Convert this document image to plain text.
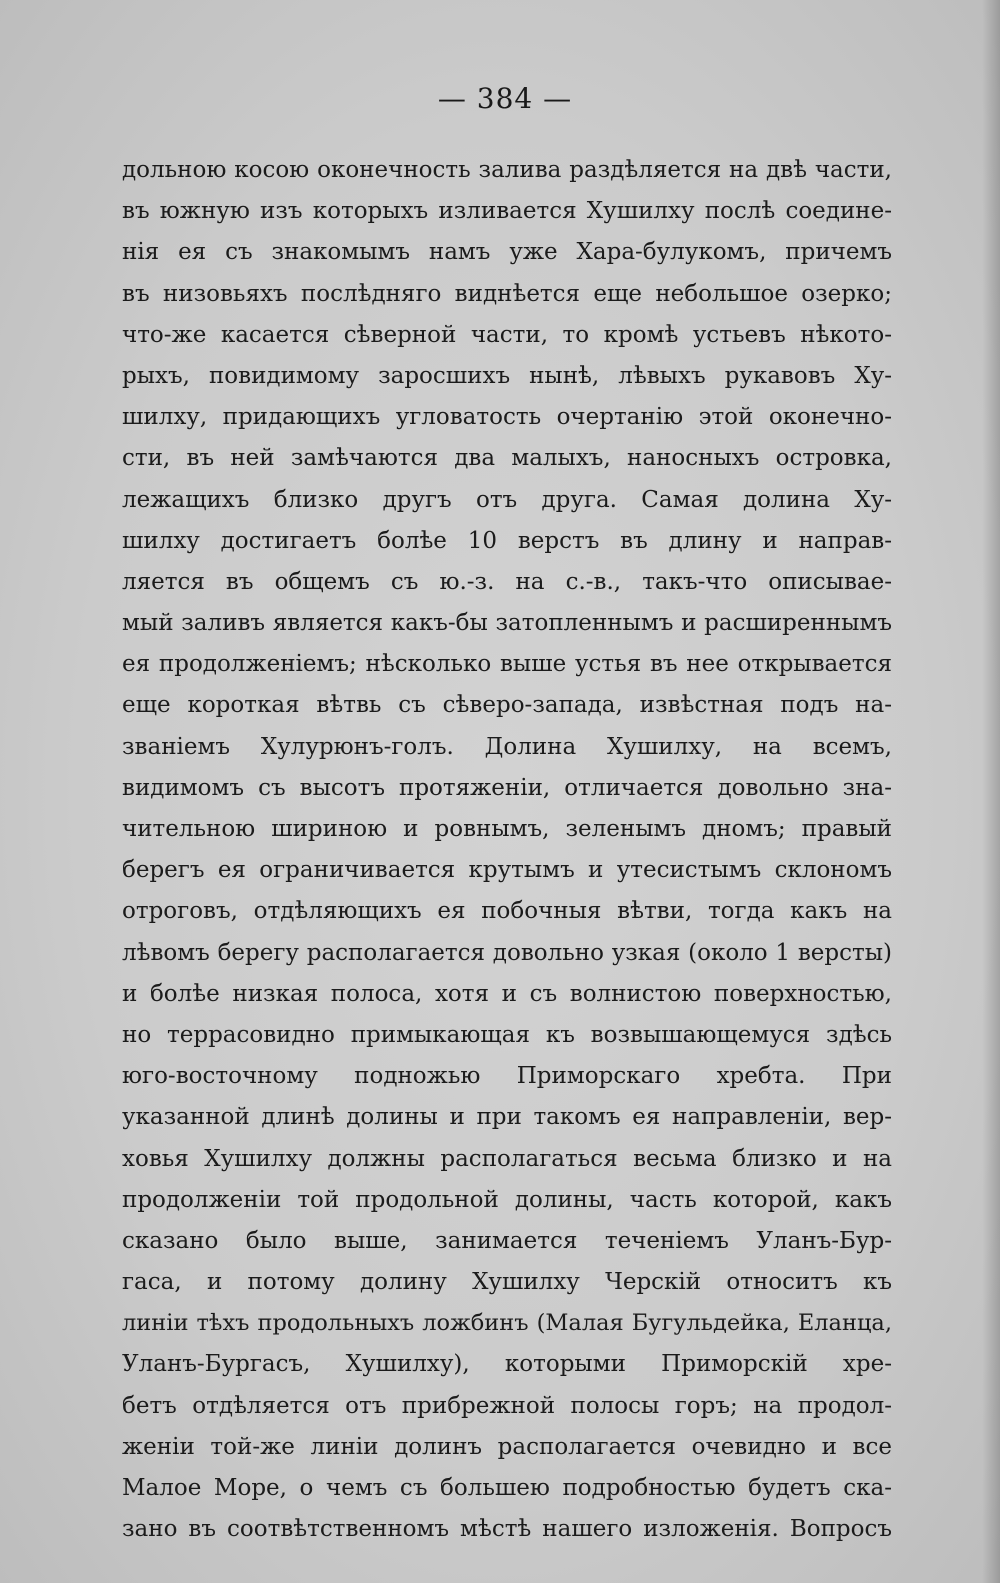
— 384 —
дольною косою оконечность залива раздѣляется на двѣ части,
въ южную изъ которыхъ изливается Хушилху послѣ соедине-
нія ея съ знакомымъ намъ уже Хара-булукомъ, причемъ
въ низовьяхъ послѣдняго виднѣется еще небольшое озерко;
что-же касается сѣверной части, то кромѣ устьевъ нѣкото-
рыхъ, повидимому заросшихъ нынѣ, лѣвыхъ рукавовъ Ху-
шилху, придающихъ угловатость очертанію этой оконечно-
сти, въ ней замѣчаются два малыхъ, наносныхъ островка,
лежащихъ близко другъ отъ друга. Самая долина Ху-
шилху достигаетъ болѣе 10 верстъ въ длину и направ-
ляется въ общемъ съ ю.-з. на с.-в., такъ-что описывае-
мый заливъ является какъ-бы затопленнымъ и расширеннымъ
ея продолженіемъ; нѣсколько выше устья въ нее открывается
еще короткая вѣтвь съ сѣверо-запада, извѣстная подъ на-
званіемъ Хулурюнъ-голъ. Долина Хушилху, на всемъ,
видимомъ съ высотъ протяженіи, отличается довольно зна-
чительною шириною и ровнымъ, зеленымъ дномъ; правый
берегъ ея ограничивается крутымъ и утесистымъ склономъ
отроговъ, отдѣляющихъ ея побочныя вѣтви, тогда какъ на
лѣвомъ берегу располагается довольно узкая (около 1 версты)
и болѣе низкая полоса, хотя и съ волнистою поверхностью,
но террасовидно примыкающая къ возвышающемуся здѣсь
юго-восточному подножью Приморскаго хребта. При
указанной длинѣ долины и при такомъ ея направленіи, вер-
ховья Хушилху должны располагаться весьма близко и на
продолженіи той продольной долины, часть которой, какъ
сказано было выше, занимается теченіемъ Уланъ-Бур-
гаса, и потому долину Хушилху Черскій относитъ къ
линіи тѣхъ продольныхъ ложбинъ (Малая Бугульдейка, Еланца,
Уланъ-Бургасъ, Хушилху), которыми Приморскій хре-
бетъ отдѣляется отъ прибрежной полосы горъ; на продол-
женіи той-же линіи долинъ располагается очевидно и все
Малое Море, о чемъ съ большею подробностью будетъ ска-
зано въ соотвѣтственномъ мѣстѣ нашего изложенія. Вопросъ
